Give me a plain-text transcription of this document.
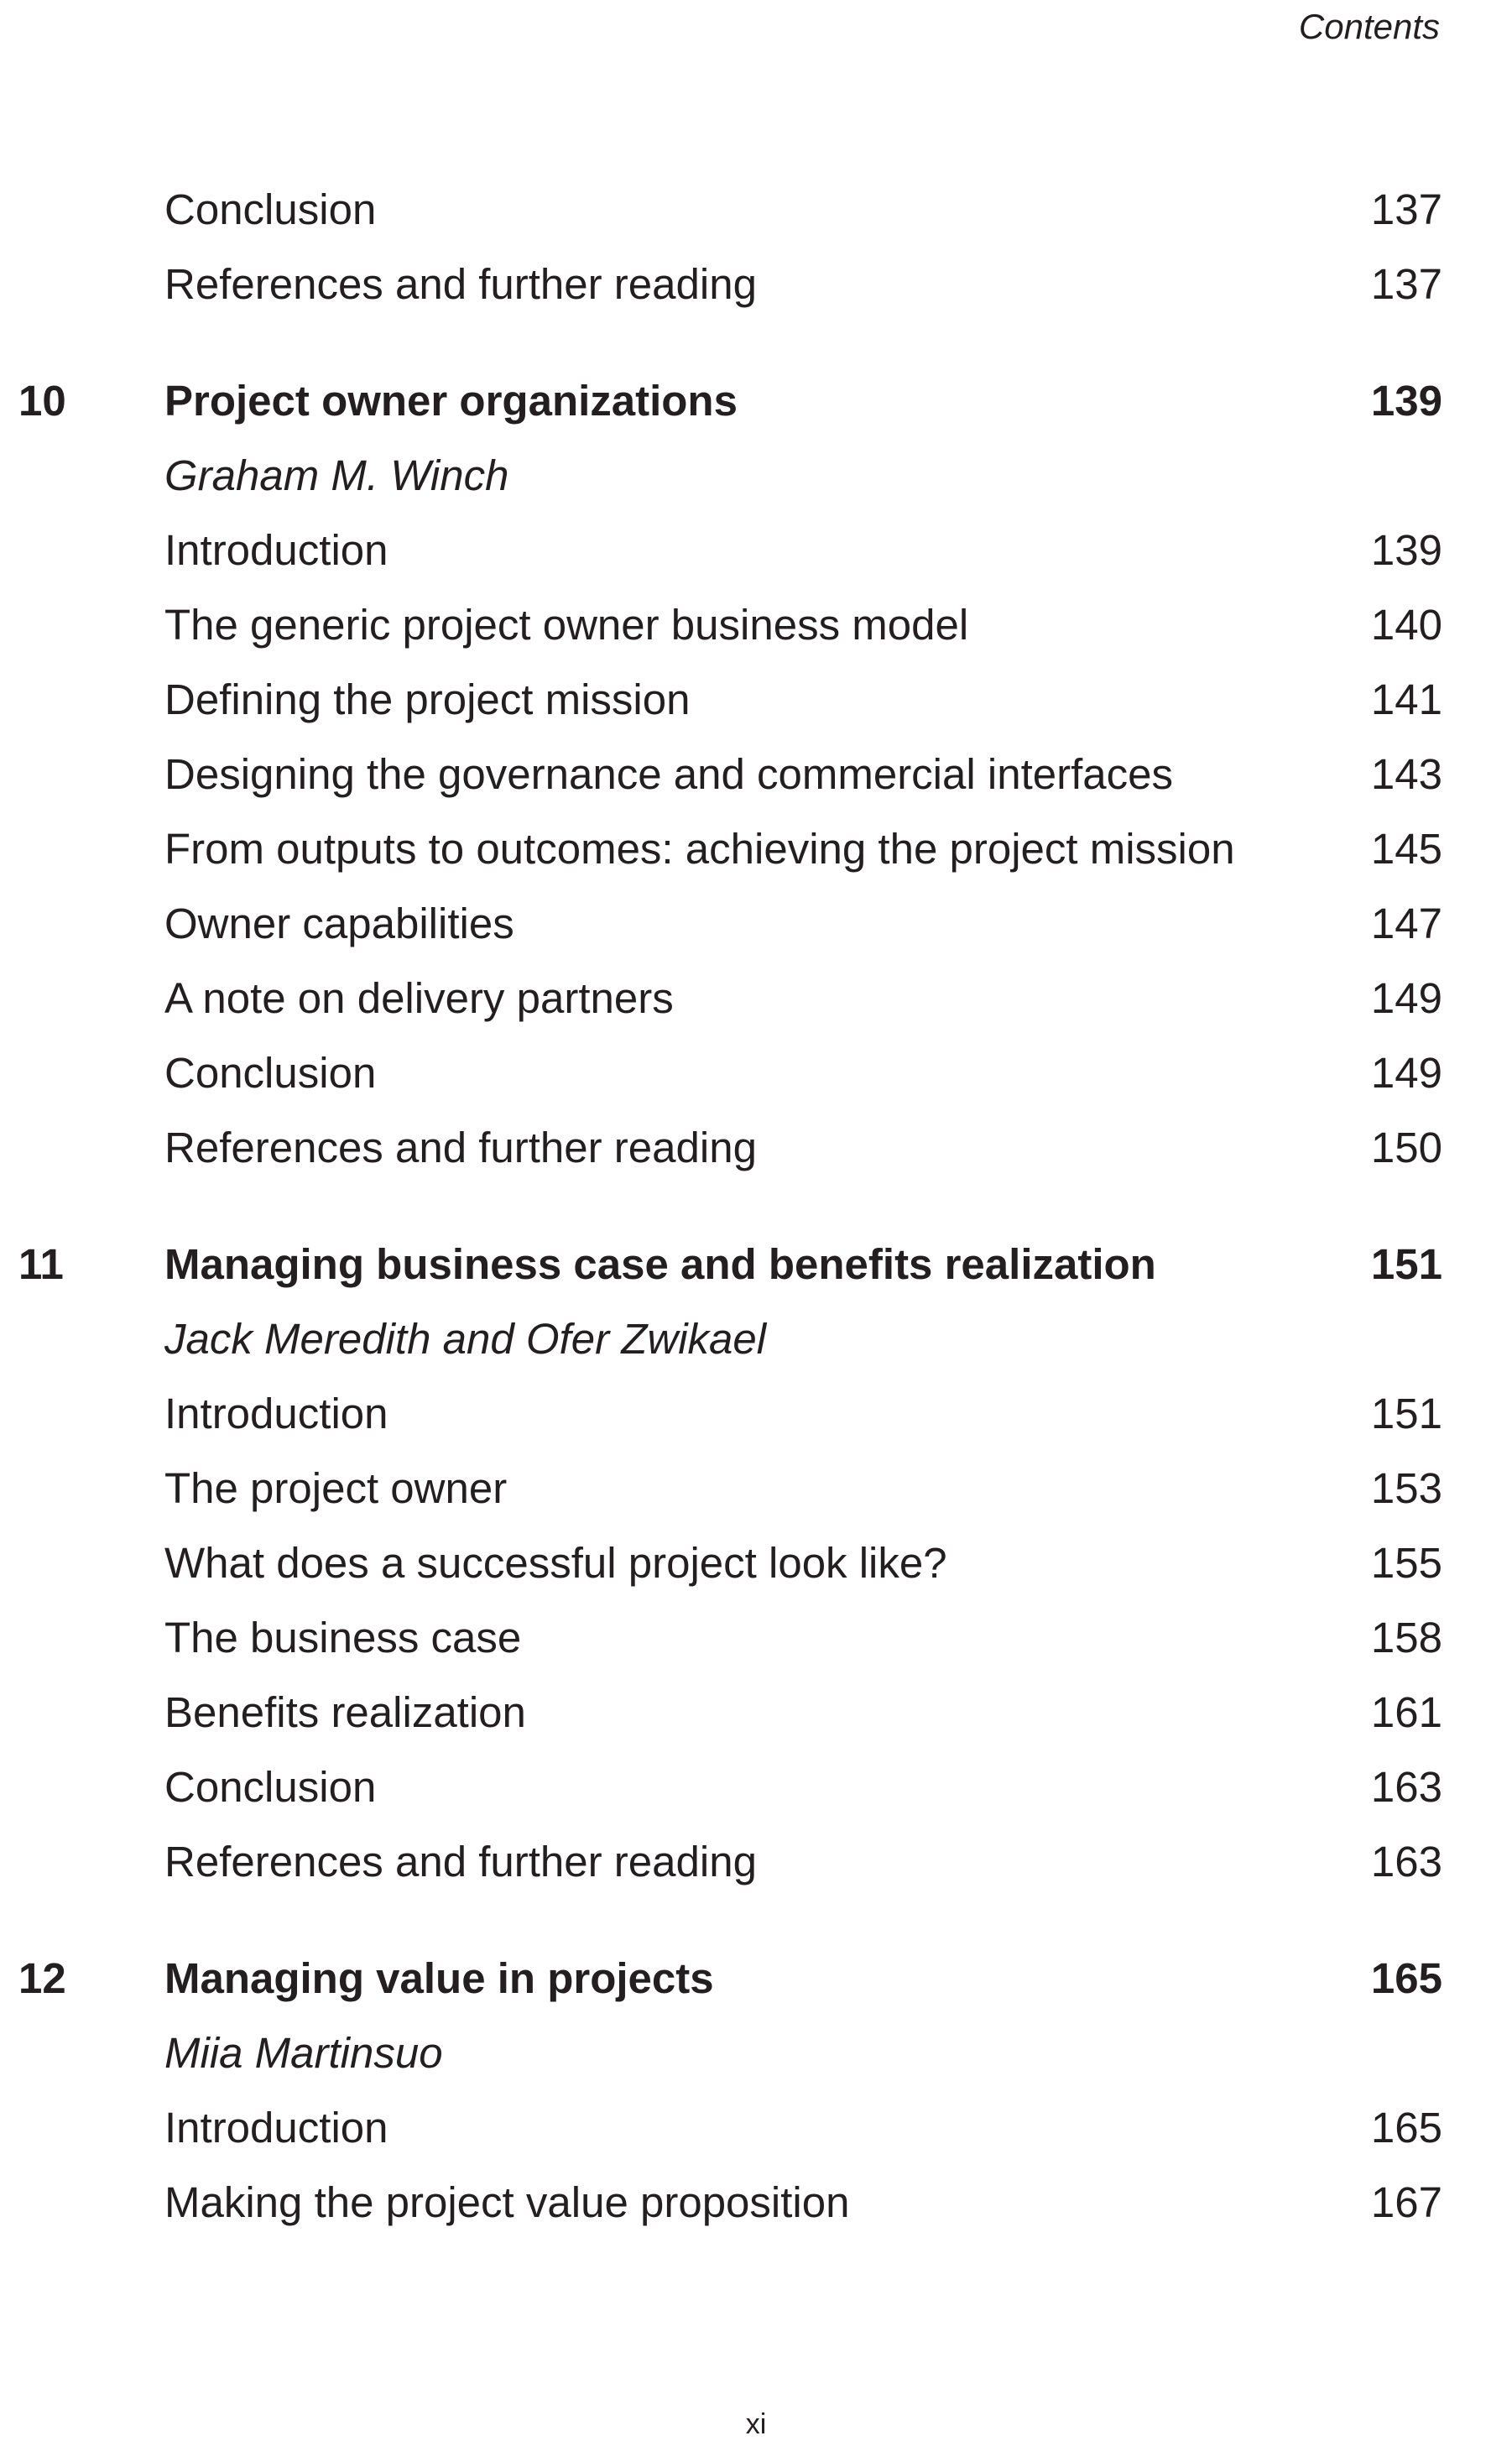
Contents
Conclusion	137
References and further reading	137
10 Project owner organizations	139
Graham M. Winch
Introduction	139
The generic project owner business model	140
Defining the project mission	141
Designing the governance and commercial interfaces	143
From outputs to outcomes: achieving the project mission	145
Owner capabilities	147
A note on delivery partners	149
Conclusion	149
References and further reading	150
11 Managing business case and benefits realization	151
Jack Meredith and Ofer Zwikael
Introduction	151
The project owner	153
What does a successful project look like?	155
The business case	158
Benefits realization	161
Conclusion	163
References and further reading	163
12 Managing value in projects	165
Miia Martinsuo
Introduction	165
Making the project value proposition	167
xi
